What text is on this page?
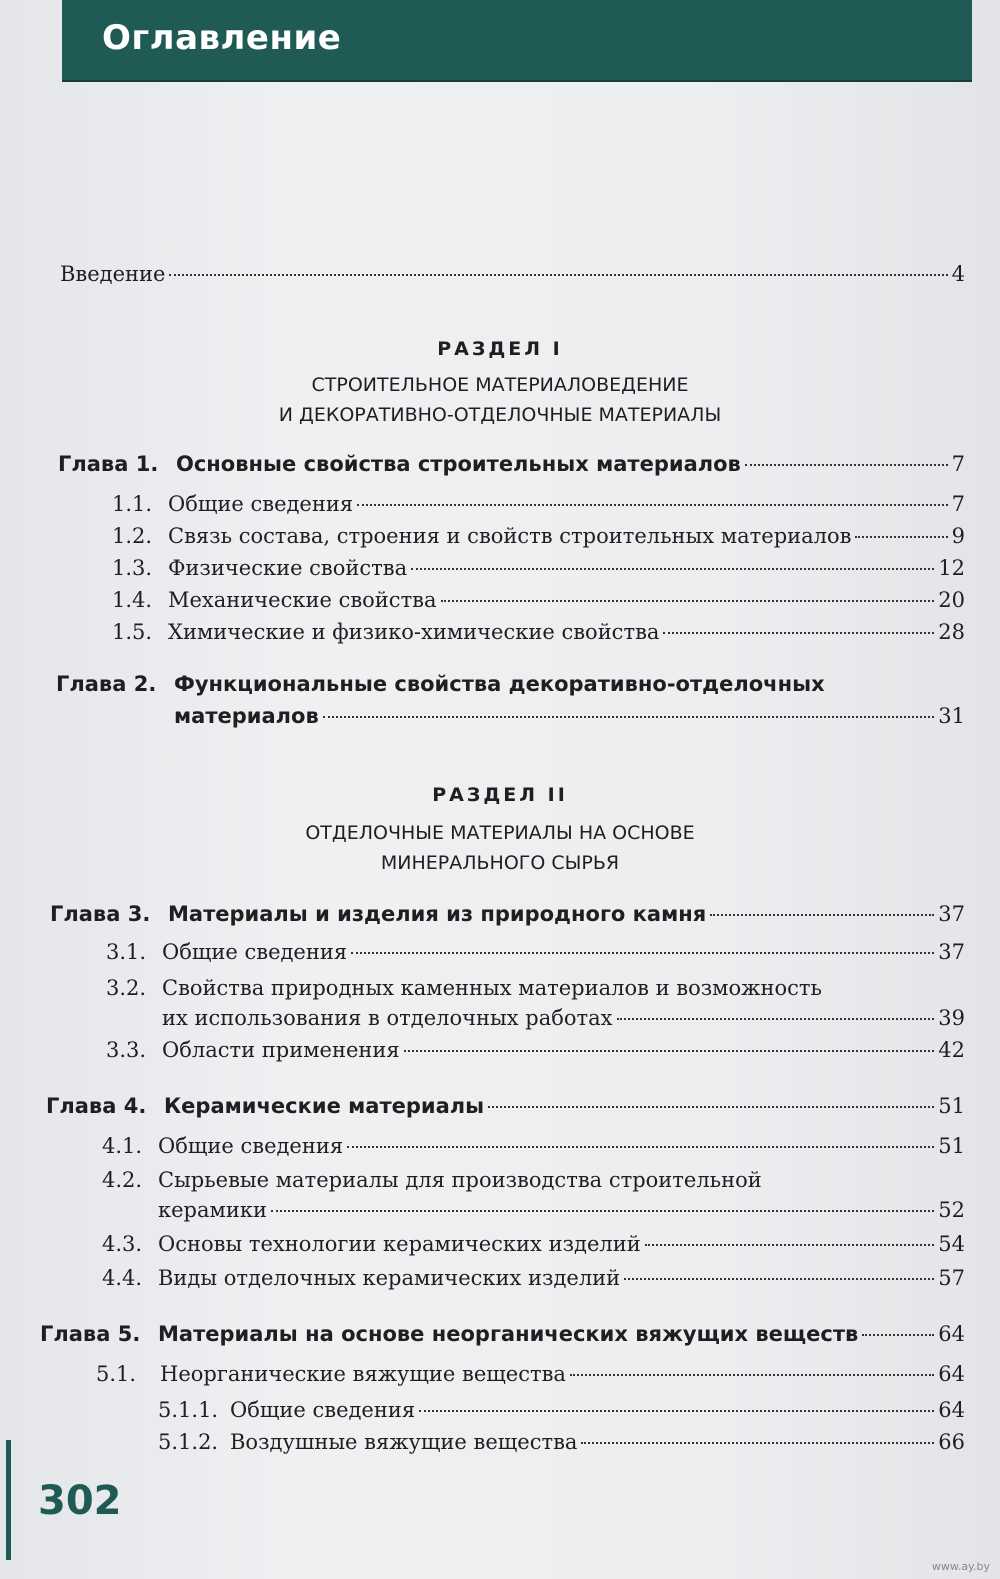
Оглавление
Введение	4
РАЗДЕЛ I
СТРОИТЕЛЬНОЕ МАТЕРИАЛОВЕДЕНИЕ
И ДЕКОРАТИВНО-ОТДЕЛОЧНЫЕ МАТЕРИАЛЫ
Глава 1. Основные свойства строительных материалов	7
1.1. Общие сведения	7
1.2. Связь состава, строения и свойств строительных материалов	9
1.3. Физические свойства	12
1.4. Механические свойства	20
1.5. Химические и физико-химические свойства	28
Глава 2. Функциональные свойства декоративно-отделочных
материалов	31
РАЗДЕЛ II
ОТДЕЛОЧНЫЕ МАТЕРИАЛЫ НА ОСНОВЕ
МИНЕРАЛЬНОГО СЫРЬЯ
Глава 3. Материалы и изделия из природного камня	37
3.1. Общие сведения	37
3.2. Свойства природных каменных материалов и возможность
их использования в отделочных работах	39
3.3. Области применения	42
Глава 4. Керамические материалы	51
4.1. Общие сведения	51
4.2. Сырьевые материалы для производства строительной
керамики	52
4.3. Основы технологии керамических изделий	54
4.4. Виды отделочных керамических изделий	57
Глава 5. Материалы на основе неорганических вяжущих веществ	64
5.1.	Неорганические вяжущие вещества	64
5.1.1. Общие сведения	64
5.1.2. Воздушные вяжущие вещества	66
302
www.ay.by
